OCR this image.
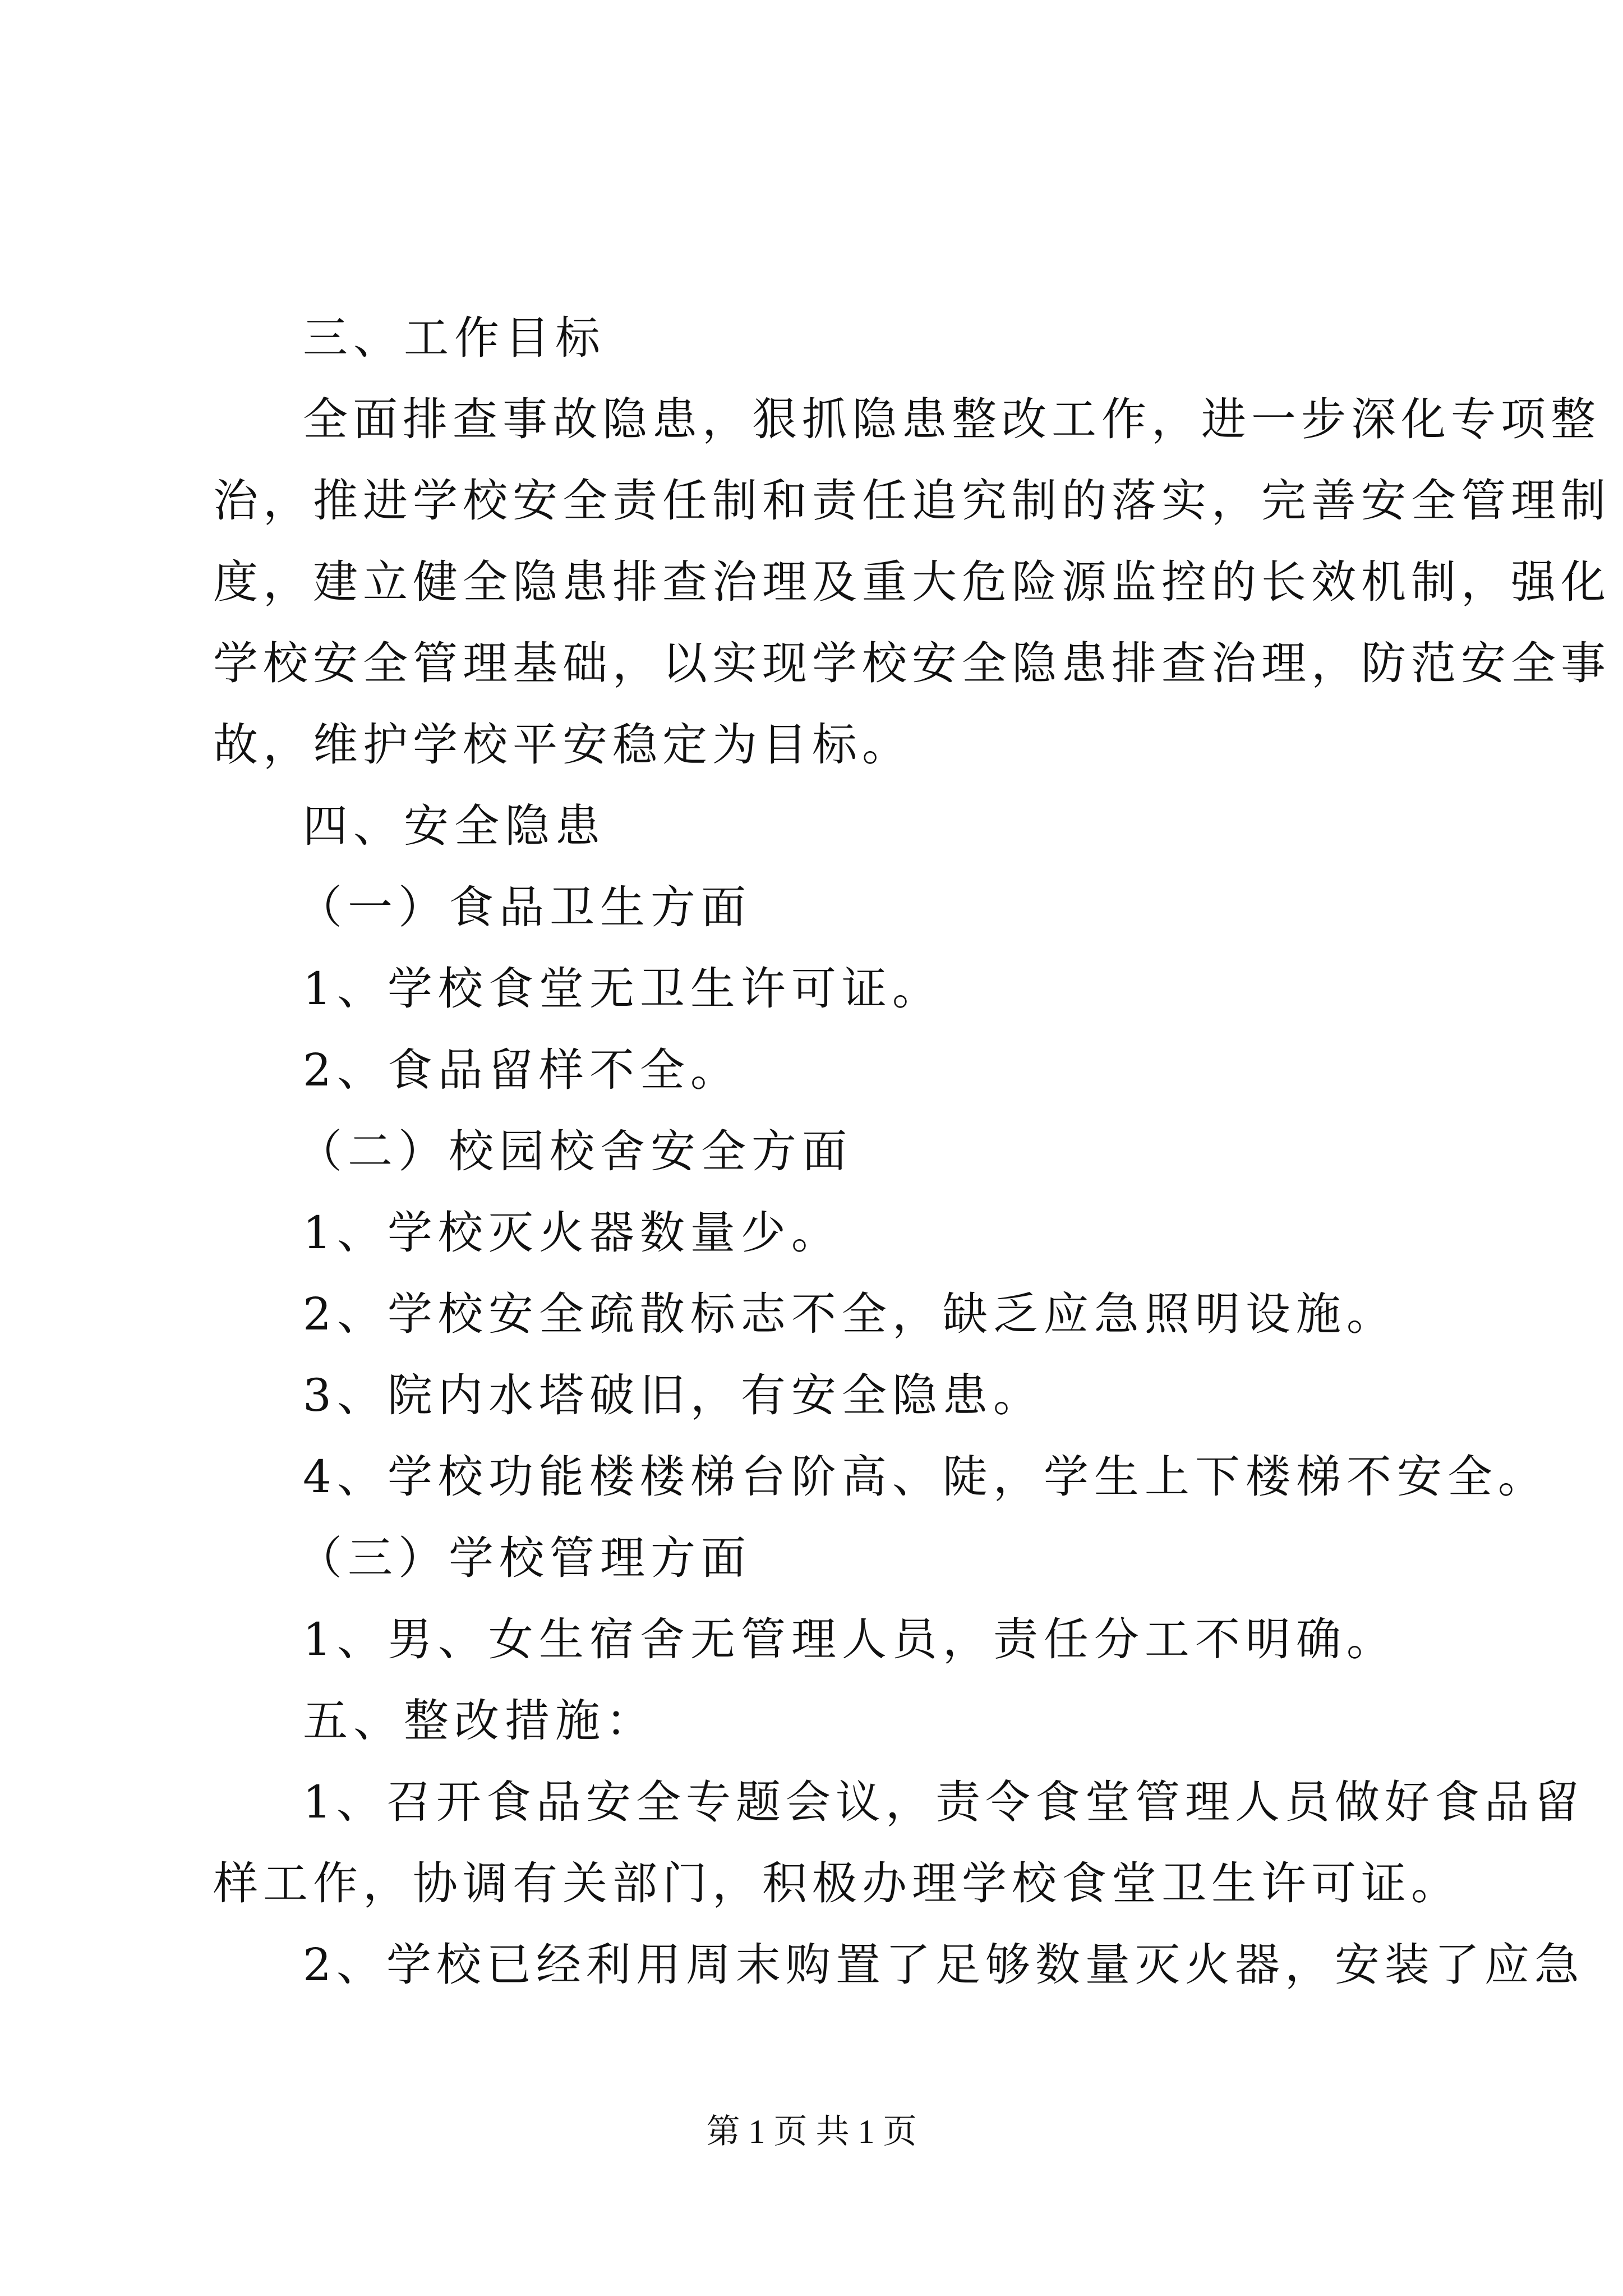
三、工作目标
全面排查事故隐患，狠抓隐患整改工作，进一步深化专项整
治，推进学校安全责任制和责任追究制的落实，完善安全管理制
度，建立健全隐患排查治理及重大危险源监控的长效机制，强化
学校安全管理基础，以实现学校安全隐患排查治理，防范安全事
故，维护学校平安稳定为目标。
四、安全隐患
（一）食品卫生方面
1、学校食堂无卫生许可证。
2、食品留样不全。
（二）校园校舍安全方面
1、学校灭火器数量少。
2、学校安全疏散标志不全，缺乏应急照明设施。
3、院内水塔破旧，有安全隐患。
4、学校功能楼楼梯台阶高、陡，学生上下楼梯不安全。
（三）学校管理方面
1、男、女生宿舍无管理人员，责任分工不明确。
五、整改措施：
1、召开食品安全专题会议，责令食堂管理人员做好食品留
样工作，协调有关部门，积极办理学校食堂卫生许可证。
2、学校已经利用周末购置了足够数量灭火器，安装了应急
第 1 页 共 1 页
